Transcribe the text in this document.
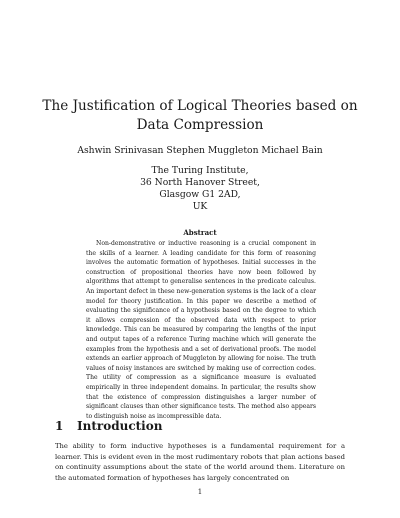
The Justification of Logical Theories based on
Data Compression
Ashwin Srinivasan Stephen Muggleton Michael Bain
The Turing Institute,
36 North Hanover Street,
Glasgow G1 2AD,
UK
Abstract

Non-demonstrative or inductive reasoning is a crucial component in the skills of a learner. A leading candidate for this form of reasoning involves the automatic formation of hypotheses. Initial successes in the construction of propositional theories have now been followed by algorithms that attempt to generalise sentences in the predicate calculus. An important defect in these new-generation systems is the lack of a clear model for theory justification. In this paper we describe a method of evaluating the significance of a hypothesis based on the degree to which it allows compression of the observed data with respect to prior knowledge. This can be measured by comparing the lengths of the input and output tapes of a reference Turing machine which will generate the examples from the hypothesis and a set of derivational proofs. The model extends an earlier approach of Muggleton by allowing for noise. The truth values of noisy instances are switched by making use of correction codes. The utility of compression as a significance measure is evaluated empirically in three independent domains. In particular, the results show that the existence of compression distinguishes a larger number of significant clauses than other significance tests. The method also appears to distinguish noise as incompressible data.

1 Introduction

The ability to form inductive hypotheses is a fundamental requirement for a learner. This is evident even in the most rudimentary robots that plan actions based on continuity assumptions about the state of the world around them. Literature on the automated formation of hypotheses has largely concentrated on

1
